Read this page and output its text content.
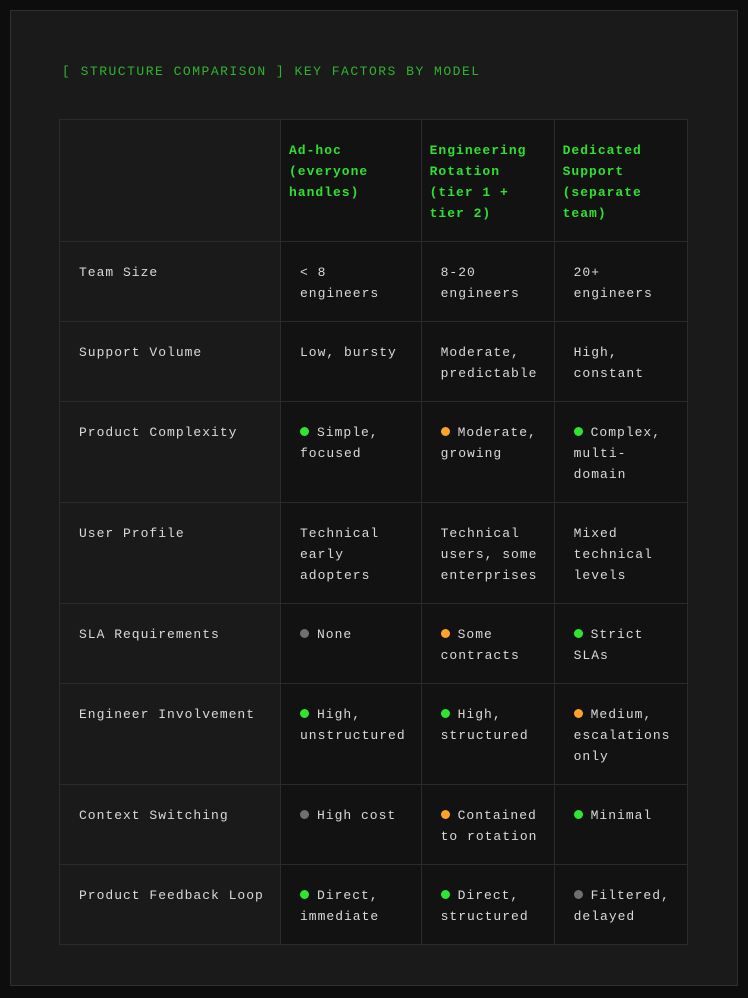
[ STRUCTURE COMPARISON ] KEY FACTORS BY MODEL
	Ad-hoc (everyone handles)	Engineering Rotation (tier 1 + tier 2)	Dedicated Support (separate team)
Team Size	< 8 engineers	8-20 engineers	20+ engineers
Support Volume	Low, bursty	Moderate, predictable	High, constant
Product Complexity	Simple, focused	Moderate, growing	Complex, multi-domain
User Profile	Technical early adopters	Technical users, some enterprises	Mixed technical levels
SLA Requirements	None	Some contracts	Strict SLAs
Engineer Involvement	High, unstructured	High, structured	Medium, escalations only
Context Switching	High cost	Contained to rotation	Minimal
Product Feedback Loop	Direct, immediate	Direct, structured	Filtered, delayed
